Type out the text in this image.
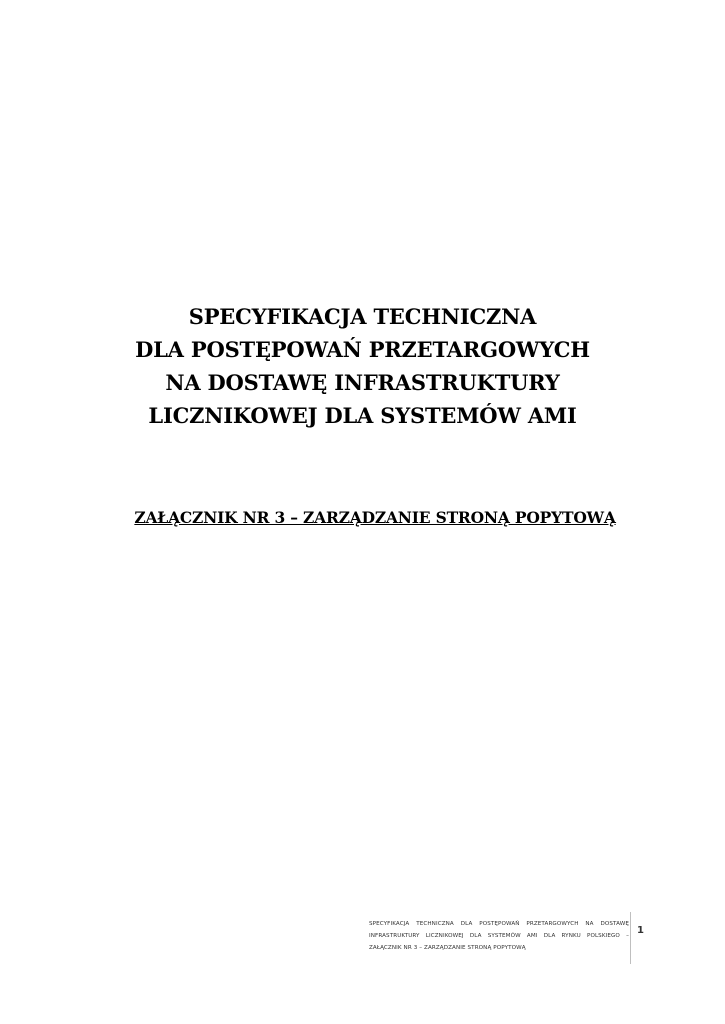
SPECYFIKACJA TECHNICZNA
DLA POSTĘPOWAŃ PRZETARGOWYCH
NA DOSTAWĘ INFRASTRUKTURY
LICZNIKOWEJ DLA SYSTEMÓW AMI
ZAŁĄCZNIK NR 3 – ZARZĄDZANIE STRONĄ POPYTOWĄ
SPECYFIKACJA TECHNICZNA DLA POSTĘPOWAŃ PRZETARGOWYCH NA DOSTAWĘ INFRASTRUKTURY LICZNIKOWEJ DLA SYSTEMÓW AMI DLA RYNKU POLSKIEGO – ZAŁĄCZNIK NR 3 – ZARZĄDZANIE STRONĄ POPYTOWĄ
1
